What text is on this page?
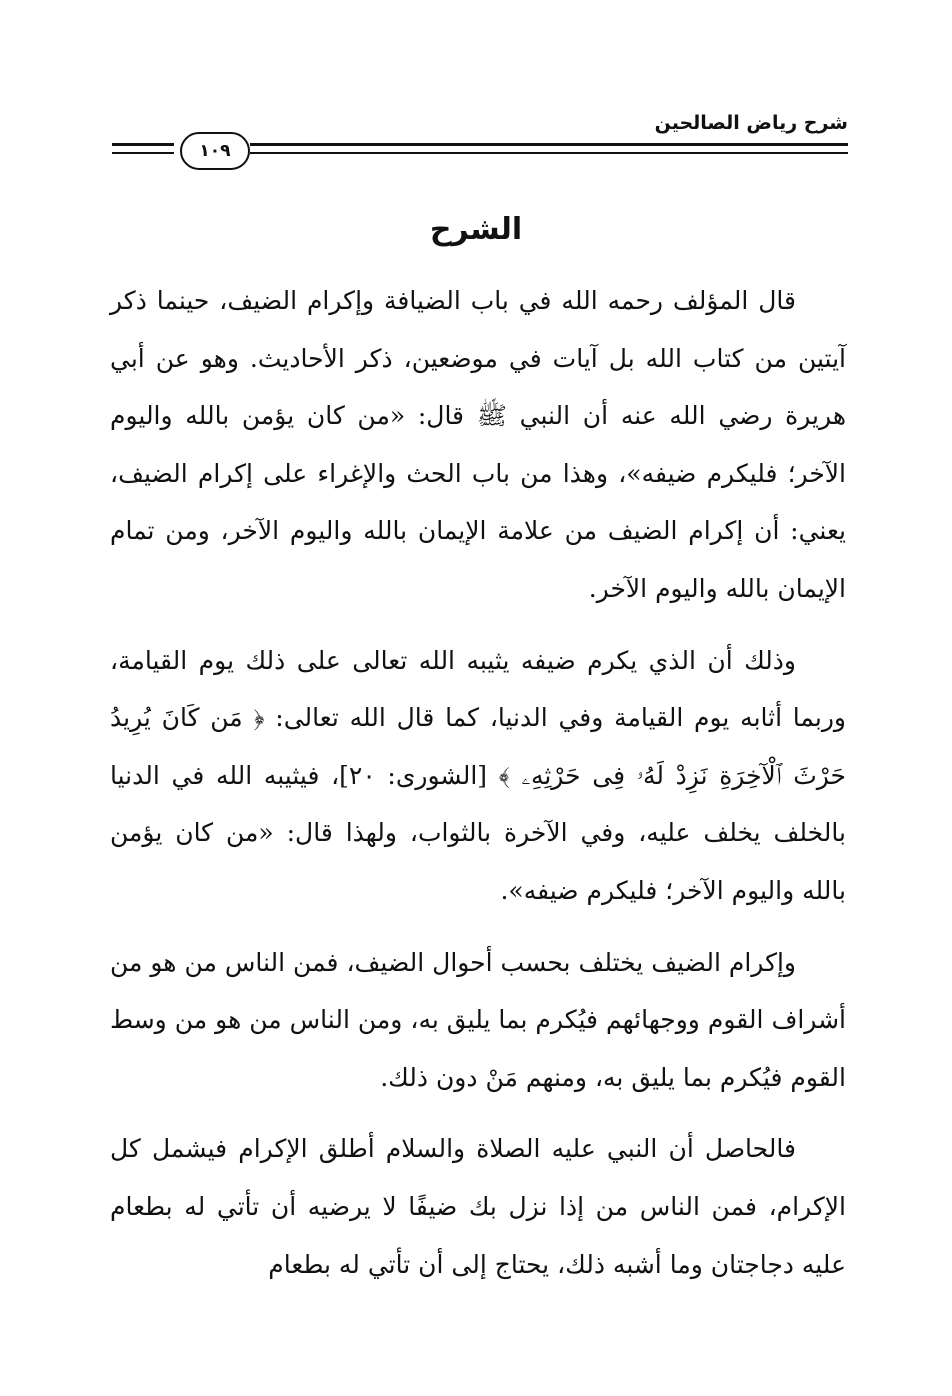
شرح رياض الصالحين
١٠٩
الشرح

قال المؤلف رحمه الله في باب الضيافة وإكرام الضيف، حينما ذكر آيتين من كتاب الله بل آيات في موضعين، ذكر الأحاديث. وهو عن أبي هريرة رضي الله عنه أن النبي ﷺ قال: «من كان يؤمن بالله واليوم الآخر؛ فليكرم ضيفه»، وهذا من باب الحث والإغراء على إكرام الضيف، يعني: أن إكرام الضيف من علامة الإيمان بالله واليوم الآخر، ومن تمام الإيمان بالله واليوم الآخر.

وذلك أن الذي يكرم ضيفه يثيبه الله تعالى على ذلك يوم القيامة، وربما أثابه يوم القيامة وفي الدنيا، كما قال الله تعالى: ﴿ مَن كَانَ يُرِيدُ حَرْثَ ٱلْآخِرَةِ نَزِدْ لَهُۥ فِى حَرْثِهِۦ ﴾ [الشورى: ٢٠]، فيثيبه الله في الدنيا بالخلف يخلف عليه، وفي الآخرة بالثواب، ولهذا قال: «من كان يؤمن بالله واليوم الآخر؛ فليكرم ضيفه».

وإكرام الضيف يختلف بحسب أحوال الضيف، فمن الناس من هو من أشراف القوم ووجهائهم فيُكرم بما يليق به، ومن الناس من هو من وسط القوم فيُكرم بما يليق به، ومنهم مَنْ دون ذلك.

فالحاصل أن النبي عليه الصلاة والسلام أطلق الإكرام فيشمل كل الإكرام، فمن الناس من إذا نزل بك ضيفًا لا يرضيه أن تأتي له بطعام عليه دجاجتان وما أشبه ذلك، يحتاج إلى أن تأتي له بطعام
